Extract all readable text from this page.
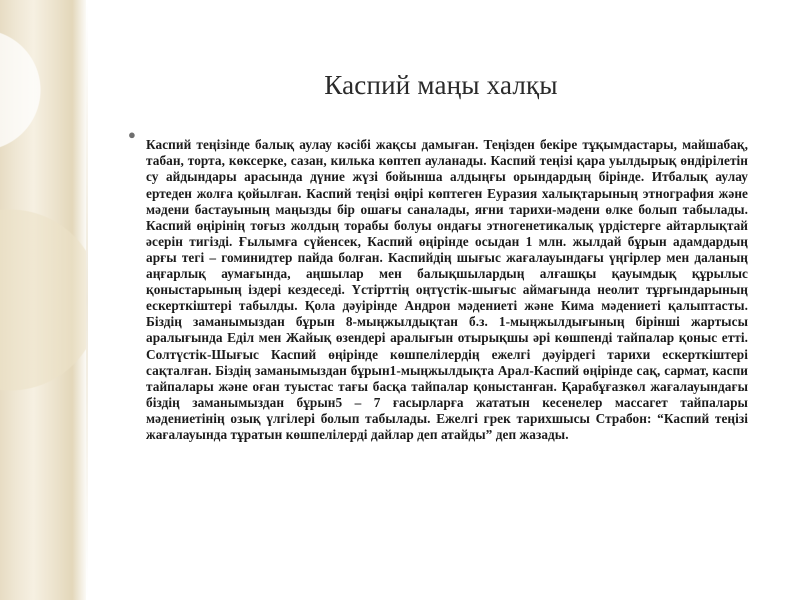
Каспий маңы халқы
●

Каспий теңізінде балық аулау кәсібі жақсы дамыған. Теңізден бекіре тұқымдастары, майшабақ, табан, торта, көксерке, сазан, килька көптеп ауланады. Каспий теңізі қара уылдырық өндірілетін су айдындары арасында дүние жүзі бойынша алдыңғы орындардың бірінде. Итбалық аулау ертеден жолға қойылған. Каспий теңізі өңірі көптеген Еуразия халықтарының этнография және мәдени бастауының маңызды бір ошағы саналады, яғни тарихи-мәдени өлке болып табылады. Каспий өңірінің тоғыз жолдың торабы болуы ондағы этногенетикалық үрдістерге айтарлықтай әсерін тигізді. Ғылымға сүйенсек, Каспий өңірінде осыдан 1 млн. жылдай бұрын адамдардың арғы тегі – гоминидтер пайда болған. Каспийдің шығыс жағалауындағы үңгірлер мен даланың аңғарлық аумағында, аңшылар мен балықшылардың алғашқы қауымдық құрылыс қоныстарының іздері кездеседі. Үстірттің оңтүстік-шығыс аймағында неолит тұрғындарының ескерткіштері табылды. Қола дәуірінде Андрон мәдениеті және Кима мәдениеті қалыптасты. Біздің заманымыздан бұрын 8-мыңжылдықтан б.з. 1-мыңжылдығының бірінші жартысы аралығында Еділ мен Жайық өзендері аралығын отырықшы әрі көшпенді тайпалар қоныс етті. Солтүстік-Шығыс Каспий өңірінде көшпелілердің ежелгі дәуірдегі тарихи ескерткіштері сақталған. Біздің заманымыздан бұрын1-мыңжылдықта Арал-Каспий өңірінде сақ, сармат, каспи тайпалары және оған туыстас тағы басқа тайпалар қоныстанған. Қарабұғазкөл жағалауындағы біздің заманымыздан бұрын5 – 7 ғасырларға жататын кесенелер массагет тайпалары мәдениетінің озық үлгілері болып табылады. Ежелгі грек тарихшысы Страбон: “Каспий теңізі жағалауында тұратын көшпелілерді дайлар деп атайды” деп жазады.
